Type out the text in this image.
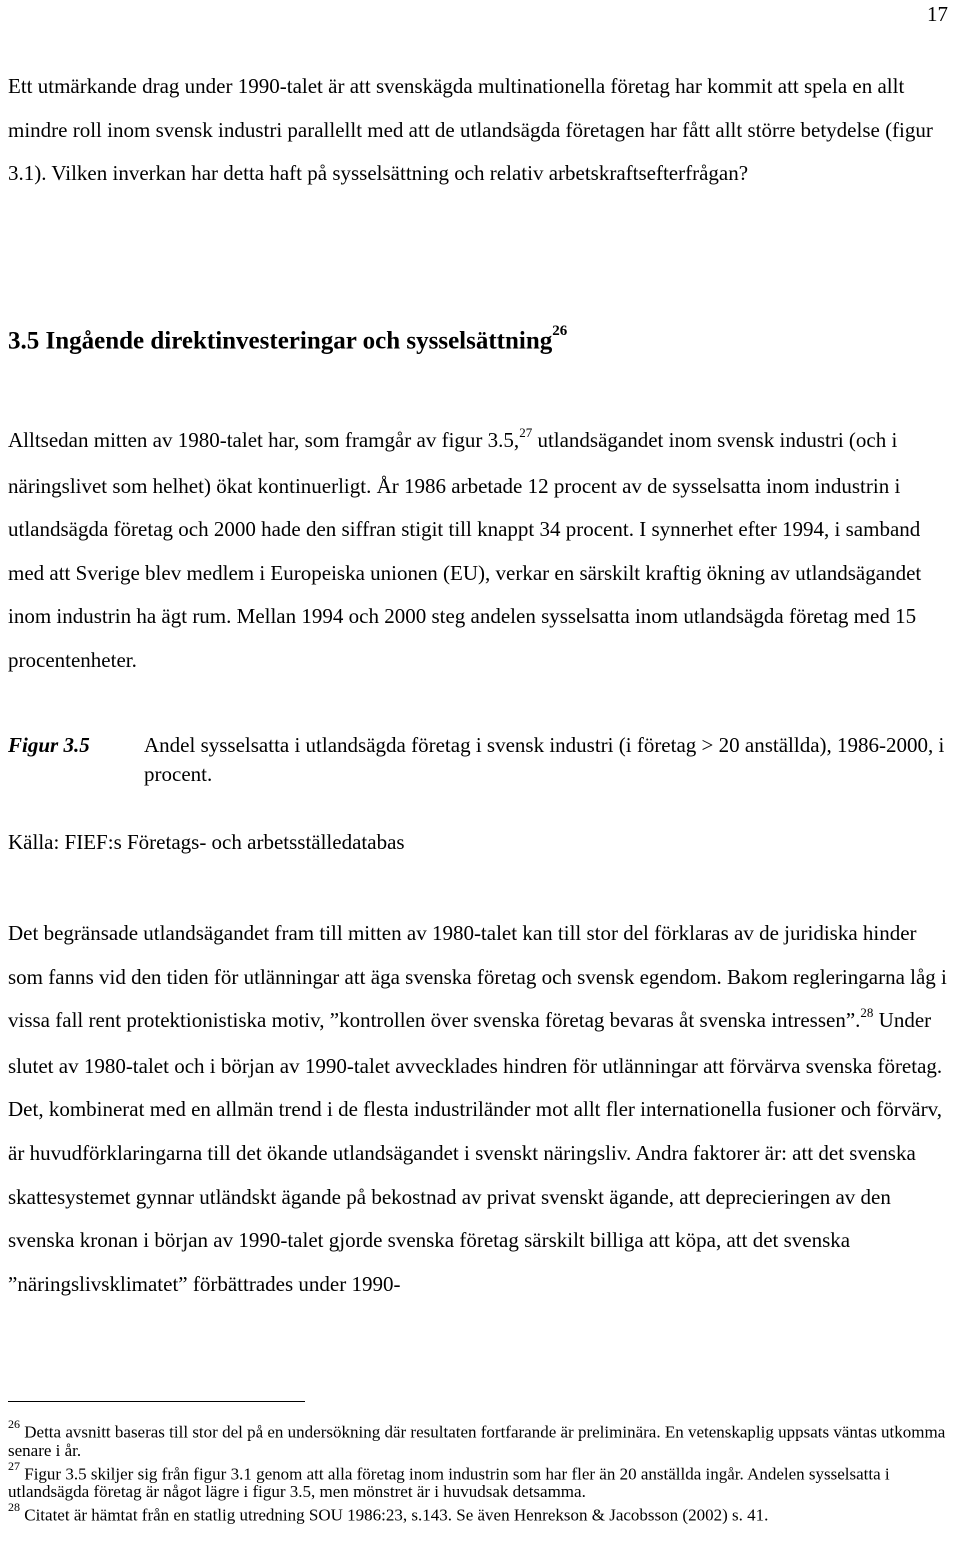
17

Ett utmärkande drag under 1990-talet är att svenskägda multinationella företag har kommit att spela en allt mindre roll inom svensk industri parallellt med att de utlandsägda företagen har fått allt större betydelse (figur 3.1). Vilken inverkan har detta haft på sysselsättning och relativ arbetskraftsefterfrågan?

3.5 Ingående direktinvesteringar och sysselsättning$^{26}$

Alltsedan mitten av 1980-talet har, som framgår av figur 3.5,27 utlandsägandet inom svensk industri (och i näringslivet som helhet) ökat kontinuerligt. År 1986 arbetade 12 procent av de sysselsatta inom industrin i utlandsägda företag och 2000 hade den siffran stigit till knappt 34 procent. I synnerhet efter 1994, i samband med att Sverige blev medlem i Europeiska unionen (EU), verkar en särskilt kraftig ökning av utlandsägandet inom industrin ha ägt rum. Mellan 1994 och 2000 steg andelen sysselsatta inom utlandsägda företag med 15 procentenheter.

Figur 3.5	Andel sysselsatta i utlandsägda företag i svensk industri (i företag > 20 anställda), 1986-2000, i procent.
Källa: FIEF:s Företags- och arbetsställedatabas

Det begränsade utlandsägandet fram till mitten av 1980-talet kan till stor del förklaras av de juridiska hinder som fanns vid den tiden för utlänningar att äga svenska företag och svensk egendom. Bakom regleringarna låg i vissa fall rent protektionistiska motiv, ”kontrollen över svenska företag bevaras åt svenska intressen”.$^{28}$ Under slutet av 1980-talet och i början av 1990-talet avvecklades hindren för utlänningar att förvärva svenska företag. Det, kombinerat med en allmän trend i de flesta industriländer mot allt fler internationella fusioner och förvärv, är huvudförklaringarna till det ökande utlandsägandet i svenskt näringsliv. Andra faktorer är: att det svenska skattesystemet gynnar utländskt ägande på bekostnad av privat svenskt ägande, att deprecieringen av den svenska kronan i början av 1990-talet gjorde svenska företag särskilt billiga att köpa, att det svenska ”näringslivsklimatet” förbättrades under 1990-

$^{26}$ Detta avsnitt baseras till stor del på en undersökning där resultaten fortfarande är preliminära. En vetenskaplig uppsats väntas utkomma senare i år.

$^{27}$ Figur 3.5 skiljer sig från figur 3.1 genom att alla företag inom industrin som har fler än 20 anställda ingår. Andelen sysselsatta i utlandsägda företag är något lägre i figur 3.5, men mönstret är i huvudsak detsamma.

$^{28}$ Citatet är hämtat från en statlig utredning SOU 1986:23, s.143. Se även Henrekson & Jacobsson (2002) s. 41.
